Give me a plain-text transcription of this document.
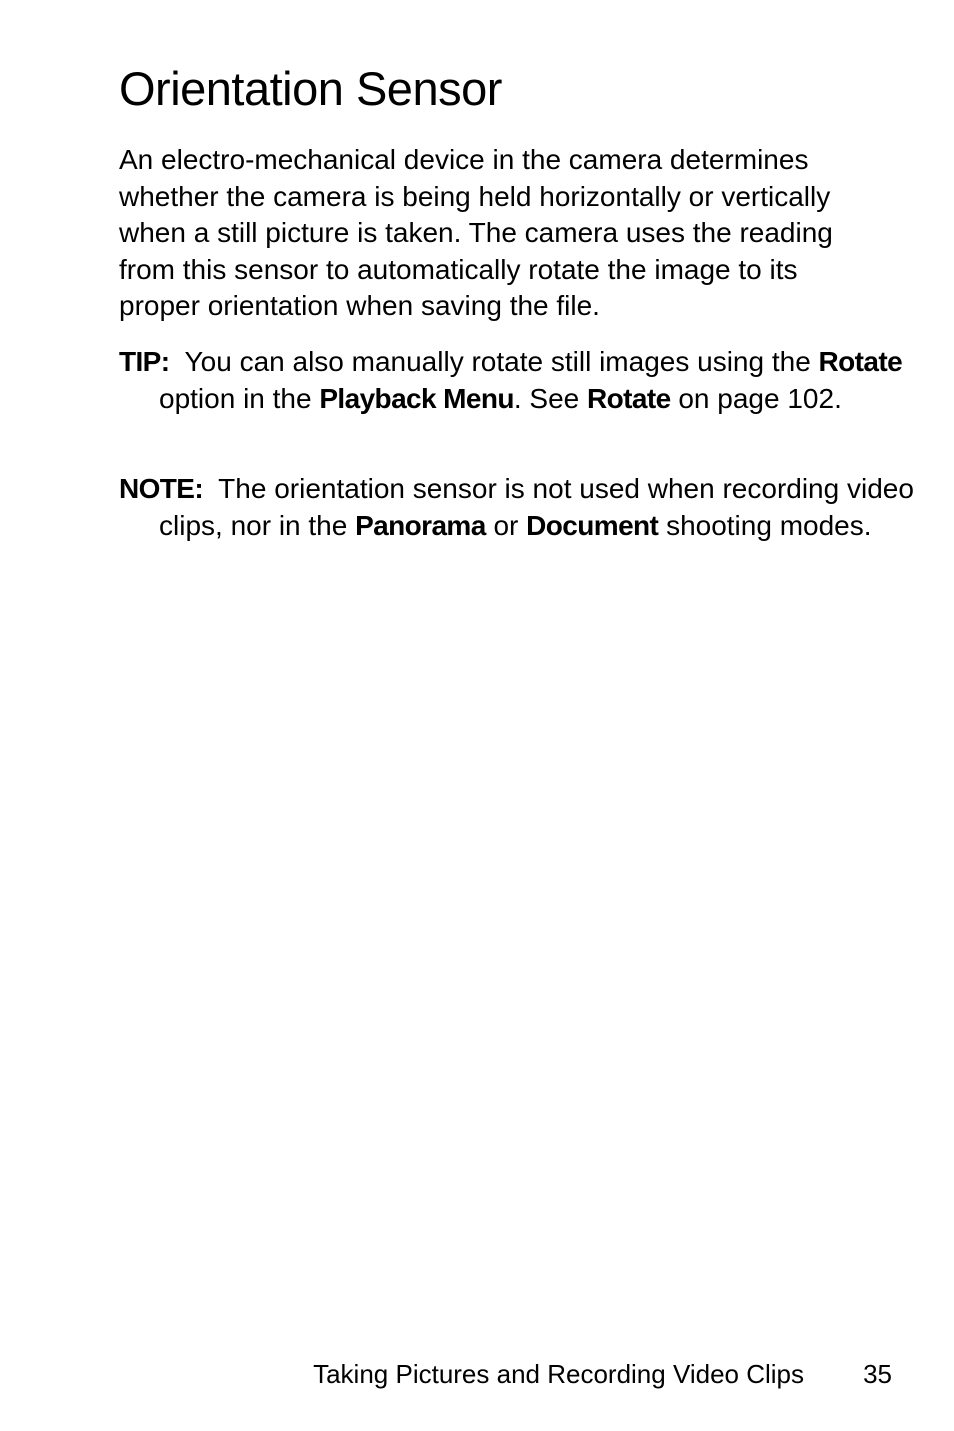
Orientation Sensor

An electro-mechanical device in the camera determines whether the camera is being held horizontally or vertically when a still picture is taken. The camera uses the reading from this sensor to automatically rotate the image to its proper orientation when saving the file.

TIP: You can also manually rotate still images using the Rotate option in the Playback Menu. See Rotate on page 102.

NOTE: The orientation sensor is not used when recording video clips, nor in the Panorama or Document shooting modes.

Taking Pictures and Recording Video Clips 35
